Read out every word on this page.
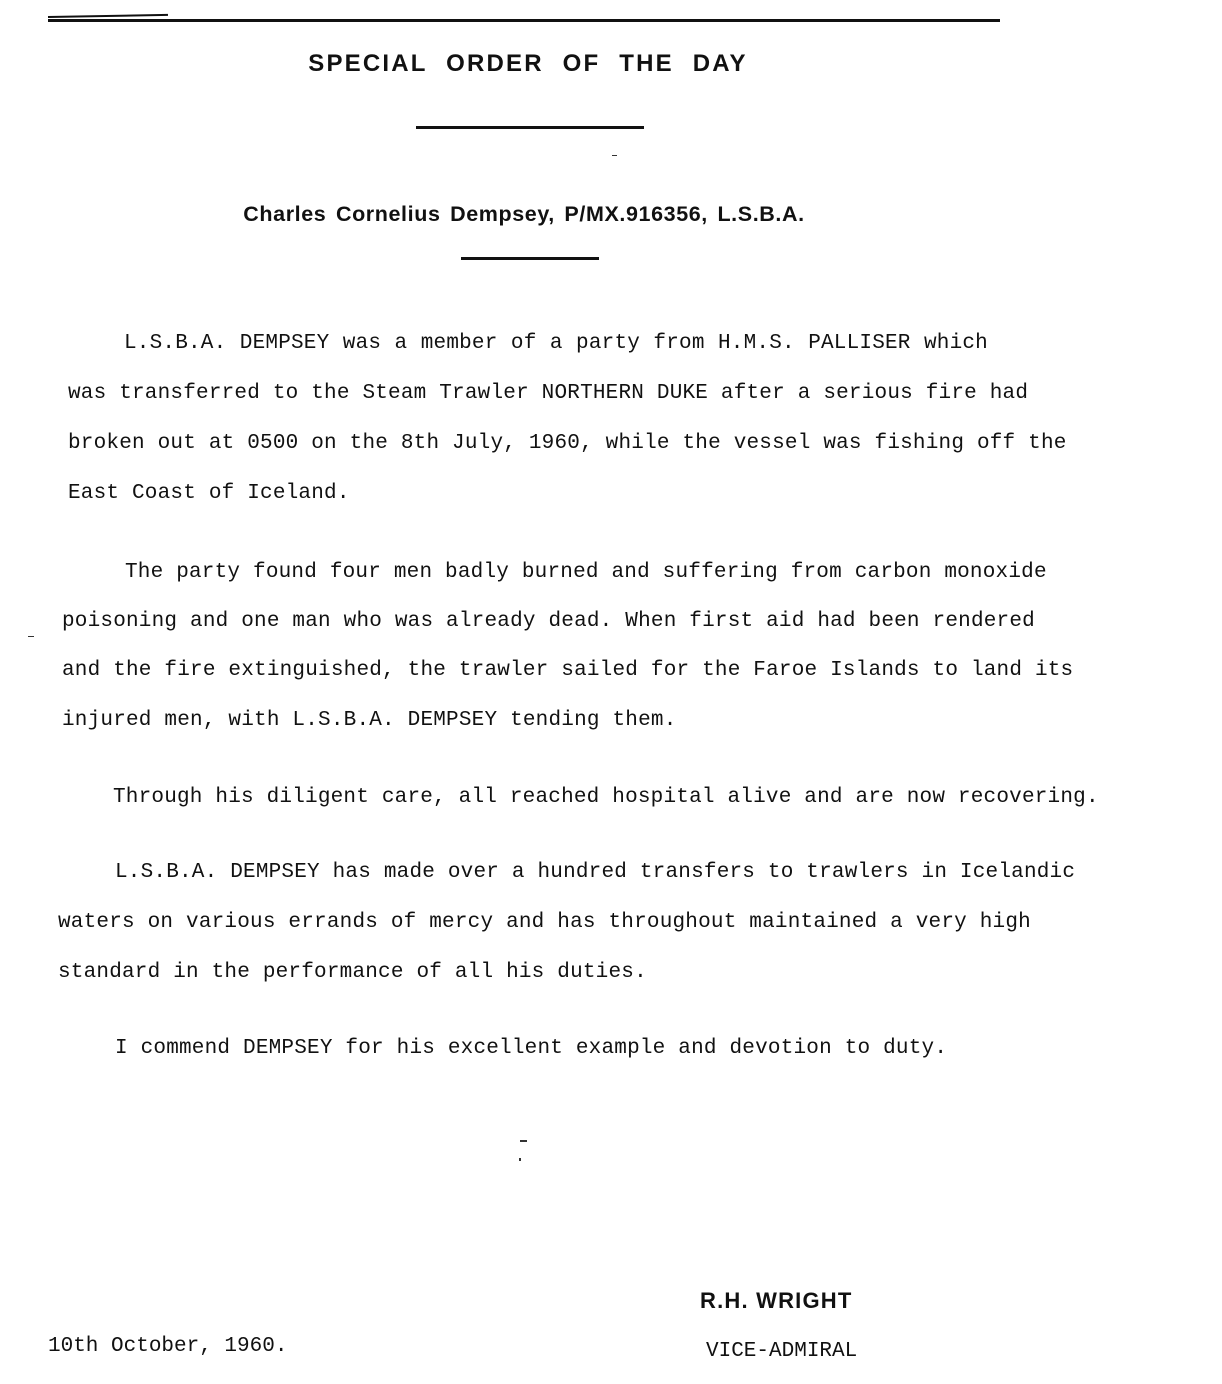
SPECIAL ORDER OF THE DAY
Charles Cornelius Dempsey, P/MX.916356, L.S.B.A.
L.S.B.A. DEMPSEY was a member of a party from H.M.S. PALLISER which
was transferred to the Steam Trawler NORTHERN DUKE after a serious fire had
broken out at 0500 on the 8th July, 1960, while the vessel was fishing off the
East Coast of Iceland.
The party found four men badly burned and suffering from carbon monoxide
poisoning and one man who was already dead. When first aid had been rendered
and the fire extinguished, the trawler sailed for the Faroe Islands to land its
injured men, with L.S.B.A. DEMPSEY tending them.
Through his diligent care, all reached hospital alive and are now recovering.
L.S.B.A. DEMPSEY has made over a hundred transfers to trawlers in Icelandic
waters on various errands of mercy and has throughout maintained a very high
standard in the performance of all his duties.
I commend DEMPSEY for his excellent example and devotion to duty.
R.H. WRIGHT
VICE-ADMIRAL
10th October, 1960.
